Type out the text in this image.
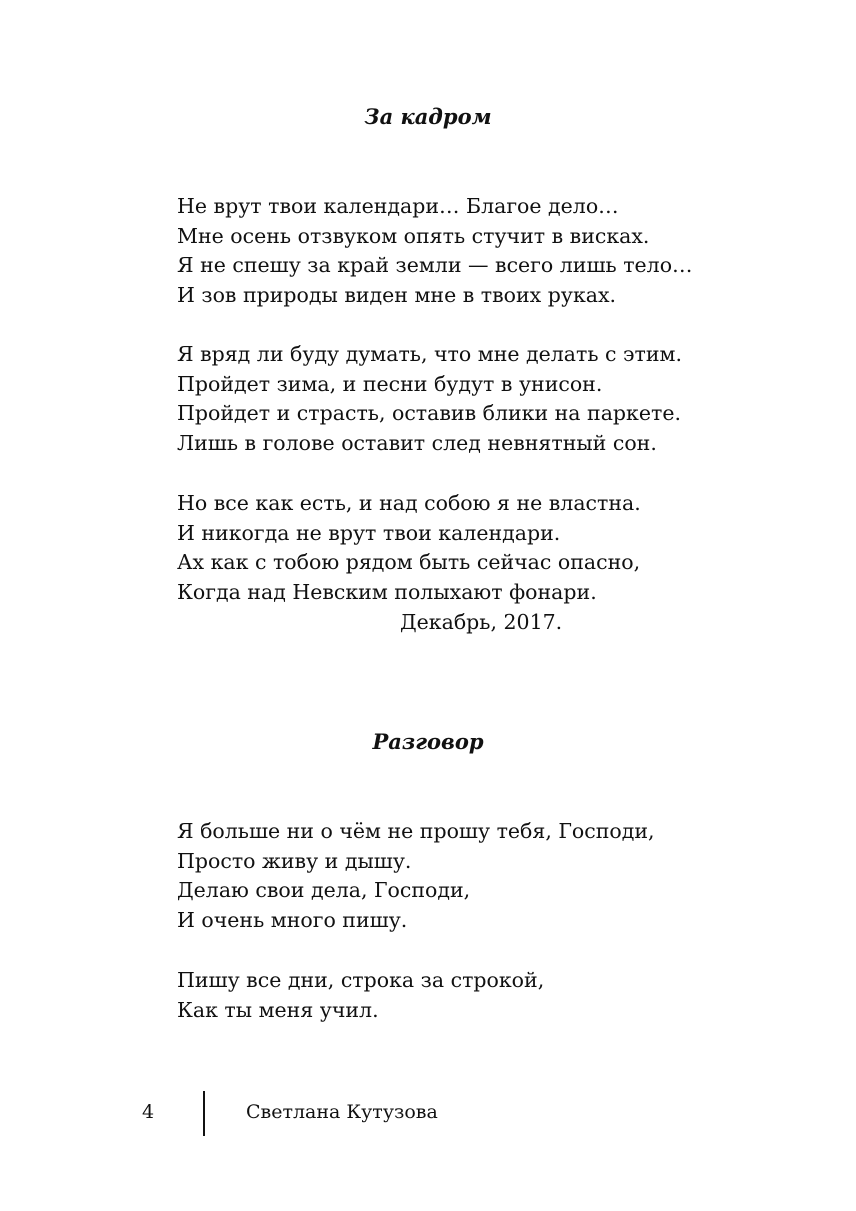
За кадром
Не врут твои календари… Благое дело…
Мне осень отзвуком опять стучит в висках.
Я не спешу за край земли — всего лишь тело…
И зов природы виден мне в твоих руках.
Я вряд ли буду думать, что мне делать с этим.
Пройдет зима, и песни будут в унисон.
Пройдет и страсть, оставив блики на паркете.
Лишь в голове оставит след невнятный сон.
Но все как есть, и над собою я не властна.
И никогда не врут твои календари.
Ах как с тобою рядом быть сейчас опасно,
Когда над Невским полыхают фонари.
Декабрь, 2017.
Разговор
Я больше ни о чём не прошу тебя, Господи,
Просто живу и дышу.
Делаю свои дела, Господи,
И очень много пишу.
Пишу все дни, строка за строкой,
Как ты меня учил.
4	Светлана Кутузова
